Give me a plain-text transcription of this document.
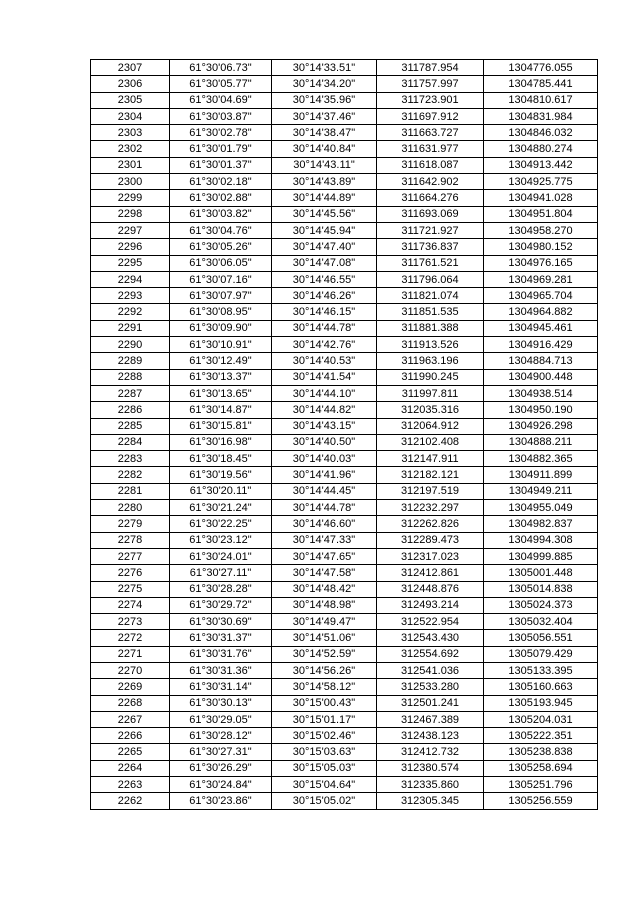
2307	61°30'06.73"	30°14'33.51"	311787.954	1304776.055
2306	61°30'05.77"	30°14'34.20"	311757.997	1304785.441
2305	61°30'04.69"	30°14'35.96"	311723.901	1304810.617
2304	61°30'03.87"	30°14'37.46"	311697.912	1304831.984
2303	61°30'02.78"	30°14'38.47"	311663.727	1304846.032
2302	61°30'01.79"	30°14'40.84"	311631.977	1304880.274
2301	61°30'01.37"	30°14'43.11"	311618.087	1304913.442
2300	61°30'02.18"	30°14'43.89"	311642.902	1304925.775
2299	61°30'02.88"	30°14'44.89"	311664.276	1304941.028
2298	61°30'03.82"	30°14'45.56"	311693.069	1304951.804
2297	61°30'04.76"	30°14'45.94"	311721.927	1304958.270
2296	61°30'05.26"	30°14'47.40"	311736.837	1304980.152
2295	61°30'06.05"	30°14'47.08"	311761.521	1304976.165
2294	61°30'07.16"	30°14'46.55"	311796.064	1304969.281
2293	61°30'07.97"	30°14'46.26"	311821.074	1304965.704
2292	61°30'08.95"	30°14'46.15"	311851.535	1304964.882
2291	61°30'09.90"	30°14'44.78"	311881.388	1304945.461
2290	61°30'10.91"	30°14'42.76"	311913.526	1304916.429
2289	61°30'12.49"	30°14'40.53"	311963.196	1304884.713
2288	61°30'13.37"	30°14'41.54"	311990.245	1304900.448
2287	61°30'13.65"	30°14'44.10"	311997.811	1304938.514
2286	61°30'14.87"	30°14'44.82"	312035.316	1304950.190
2285	61°30'15.81"	30°14'43.15"	312064.912	1304926.298
2284	61°30'16.98"	30°14'40.50"	312102.408	1304888.211
2283	61°30'18.45"	30°14'40.03"	312147.911	1304882.365
2282	61°30'19.56"	30°14'41.96"	312182.121	1304911.899
2281	61°30'20.11"	30°14'44.45"	312197.519	1304949.211
2280	61°30'21.24"	30°14'44.78"	312232.297	1304955.049
2279	61°30'22.25"	30°14'46.60"	312262.826	1304982.837
2278	61°30'23.12"	30°14'47.33"	312289.473	1304994.308
2277	61°30'24.01"	30°14'47.65"	312317.023	1304999.885
2276	61°30'27.11"	30°14'47.58"	312412.861	1305001.448
2275	61°30'28.28"	30°14'48.42"	312448.876	1305014.838
2274	61°30'29.72"	30°14'48.98"	312493.214	1305024.373
2273	61°30'30.69"	30°14'49.47"	312522.954	1305032.404
2272	61°30'31.37"	30°14'51.06"	312543.430	1305056.551
2271	61°30'31.76"	30°14'52.59"	312554.692	1305079.429
2270	61°30'31.36"	30°14'56.26"	312541.036	1305133.395
2269	61°30'31.14"	30°14'58.12"	312533.280	1305160.663
2268	61°30'30.13"	30°15'00.43"	312501.241	1305193.945
2267	61°30'29.05"	30°15'01.17"	312467.389	1305204.031
2266	61°30'28.12"	30°15'02.46"	312438.123	1305222.351
2265	61°30'27.31"	30°15'03.63"	312412.732	1305238.838
2264	61°30'26.29"	30°15'05.03"	312380.574	1305258.694
2263	61°30'24.84"	30°15'04.64"	312335.860	1305251.796
2262	61°30'23.86"	30°15'05.02"	312305.345	1305256.559
